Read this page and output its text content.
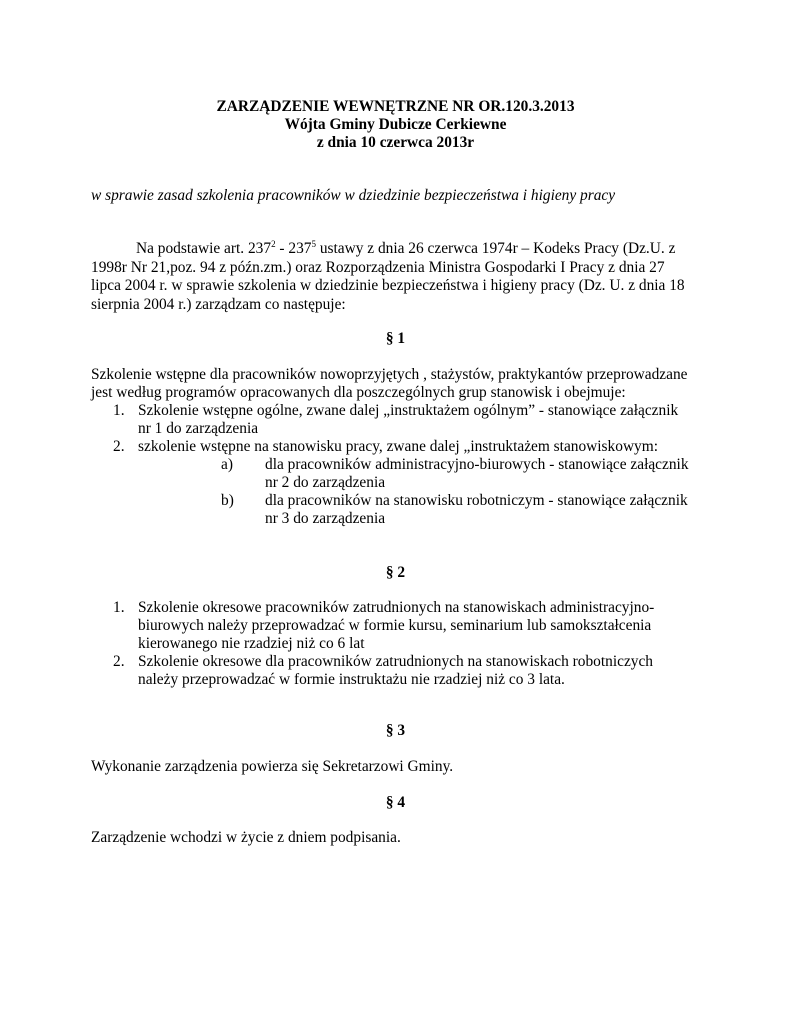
ZARZĄDZENIE WEWNĘTRZNE NR OR.120.3.2013
Wójta Gminy Dubicze Cerkiewne
z dnia 10 czerwca 2013r
w sprawie zasad szkolenia pracowników w dziedzinie bezpieczeństwa i higieny pracy

Na podstawie art. $237^2 - 237^5$ ustawy z dnia 26 czerwca 1974r – Kodeks Pracy (Dz.U. z

1998r Nr 21,poz. 94 z późn.zm.) oraz Rozporządzenia Ministra Gospodarki I Pracy z dnia 27
lipca 2004 r. w sprawie szkolenia w dziedzinie bezpieczeństwa i higieny pracy (Dz. U. z dnia 18
sierpnia 2004 r.) zarządzam co następuje:
§ 1
Szkolenie wstępne dla pracowników nowoprzyjętych , stażystów, praktykantów przeprowadzane
jest według programów opracowanych dla poszczególnych grup stanowisk i obejmuje:
1. Szkolenie wstępne ogólne, zwane dalej „instruktażem ogólnym” - stanowiące załącznik
nr 1 do zarządzenia
2. szkolenie wstępne na stanowisku pracy, zwane dalej „instruktażem stanowiskowym:
a) dla pracowników administracyjno-biurowych - stanowiące załącznik
nr 2 do zarządzenia
b) dla pracowników na stanowisku robotniczym - stanowiące załącznik
nr 3 do zarządzenia
§ 2
1. Szkolenie okresowe pracowników zatrudnionych na stanowiskach administracyjno-
biurowych należy przeprowadzać w formie kursu, seminarium lub samokształcenia
kierowanego nie rzadziej niż co 6 lat
2. Szkolenie okresowe dla pracowników zatrudnionych na stanowiskach robotniczych
należy przeprowadzać w formie instruktażu nie rzadziej niż co 3 lata.
§ 3
Wykonanie zarządzenia powierza się Sekretarzowi Gminy.
§ 4
Zarządzenie wchodzi w życie z dniem podpisania.
